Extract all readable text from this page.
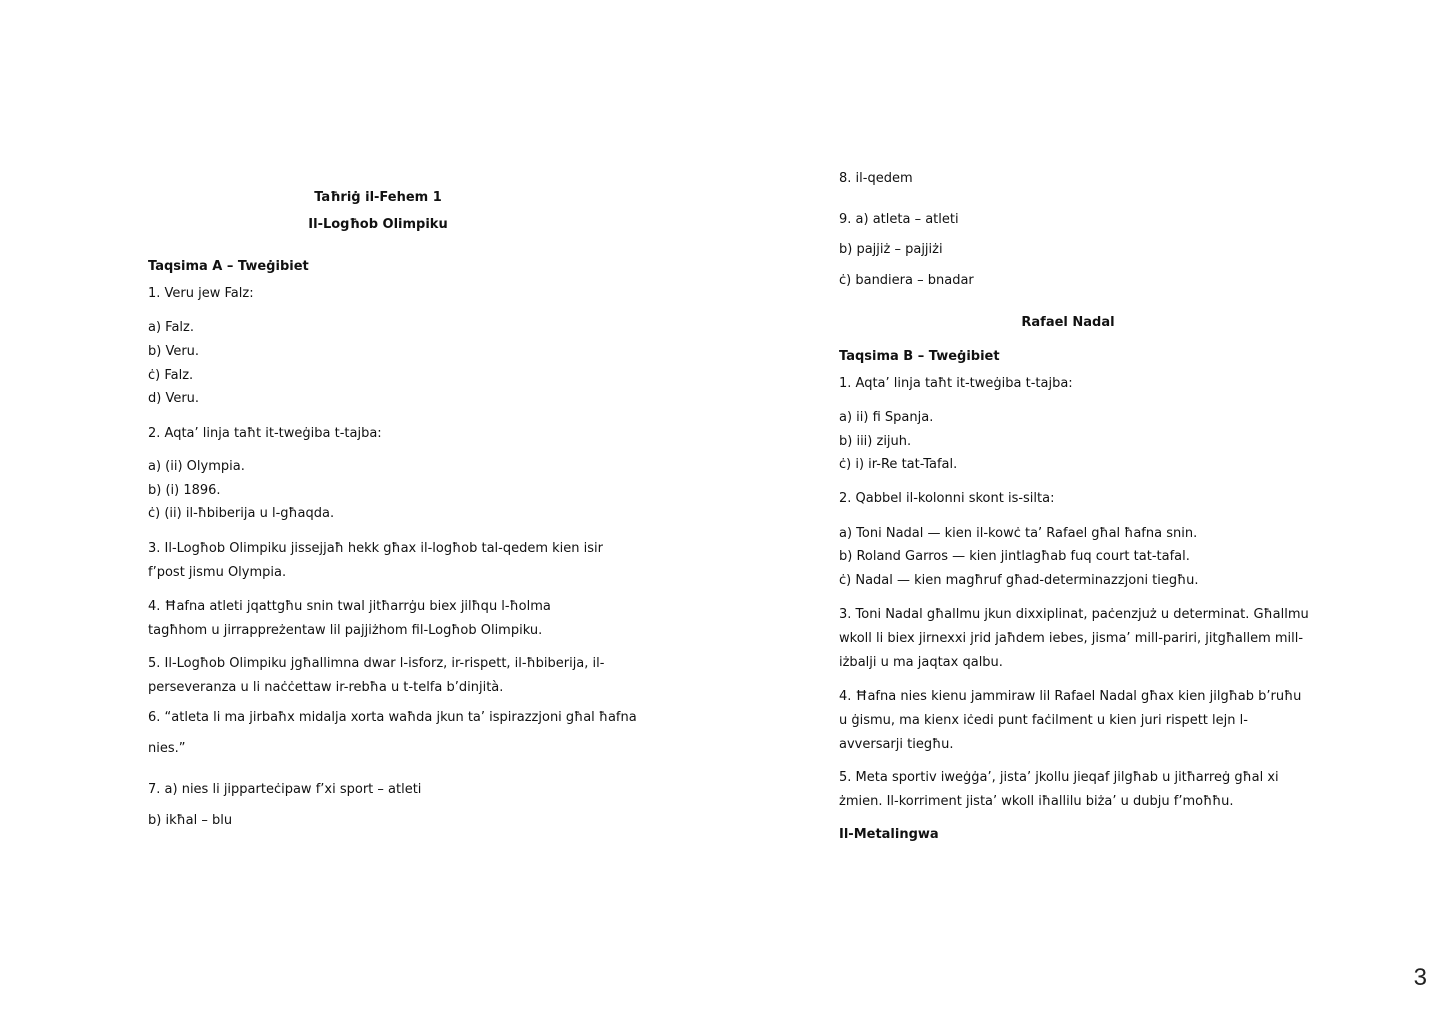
Taħriġ il-Fehem 1
Il-Logħob Olimpiku
Taqsima A – Tweġibiet
1. Veru jew Falz:
a) Falz.
b) Veru.
ċ) Falz.
d) Veru.
2. Aqta’ linja taħt it-tweġiba t-tajba:
a) (ii) Olympia.
b) (i) 1896.
ċ) (ii) il-ħbiberija u l-għaqda.
3. Il-Logħob Olimpiku jissejjaħ hekk għax il-logħob tal-qedem kien isir f’post jismu Olympia.
4. Ħafna atleti jqattgħu snin twal jitħarrġu biex jilħqu l-ħolma tagħhom u jirrappreżentaw lil pajjiżhom fil-Logħob Olimpiku.
5. Il-Logħob Olimpiku jgħallimna dwar l-isforz, ir-rispett, il-ħbiberija, il-perseveranza u li naċċettaw ir-rebħa u t-telfa b’dinjità.
6. “atleta li ma jirbaħx midalja xorta waħda jkun ta’ ispirazzjoni għal ħafna
nies.”
7. a) nies li jipparteċipaw f’xi sport – atleti
b) ikħal – blu
8. il-qedem
9. a) atleta – atleti
b) pajjiż – pajjiżi
ċ) bandiera – bnadar
Rafael Nadal
Taqsima B – Tweġibiet
1. Aqta’ linja taħt it-tweġiba t-tajba:
a) ii) fi Spanja.
b) iii) zijuh.
ċ) i) ir-Re tat-Tafal.
2. Qabbel il-kolonni skont is-silta:
a) Toni Nadal — kien il-kowċ ta’ Rafael għal ħafna snin.
b) Roland Garros — kien jintlagħab fuq court tat-tafal.
ċ) Nadal — kien magħruf għad-determinazzjoni tiegħu.
3. Toni Nadal għallmu jkun dixxiplinat, paċenzjuż u determinat. Għallmu wkoll li biex jirnexxi jrid jaħdem iebes, jisma’ mill-pariri, jitgħallem mill-iżbalji u ma jaqtax qalbu.
4. Ħafna nies kienu jammiraw lil Rafael Nadal għax kien jilgħab b’ruħu u ġismu, ma kienx iċedi punt faċilment u kien juri rispett lejn l-avversarji tiegħu.
5. Meta sportiv iweġġa’, jista’ jkollu jieqaf jilgħab u jitħarreġ għal xi żmien. Il-korriment jista’ wkoll iħallilu biża’ u dubju f’moħħu.
Il-Metalingwa
3
